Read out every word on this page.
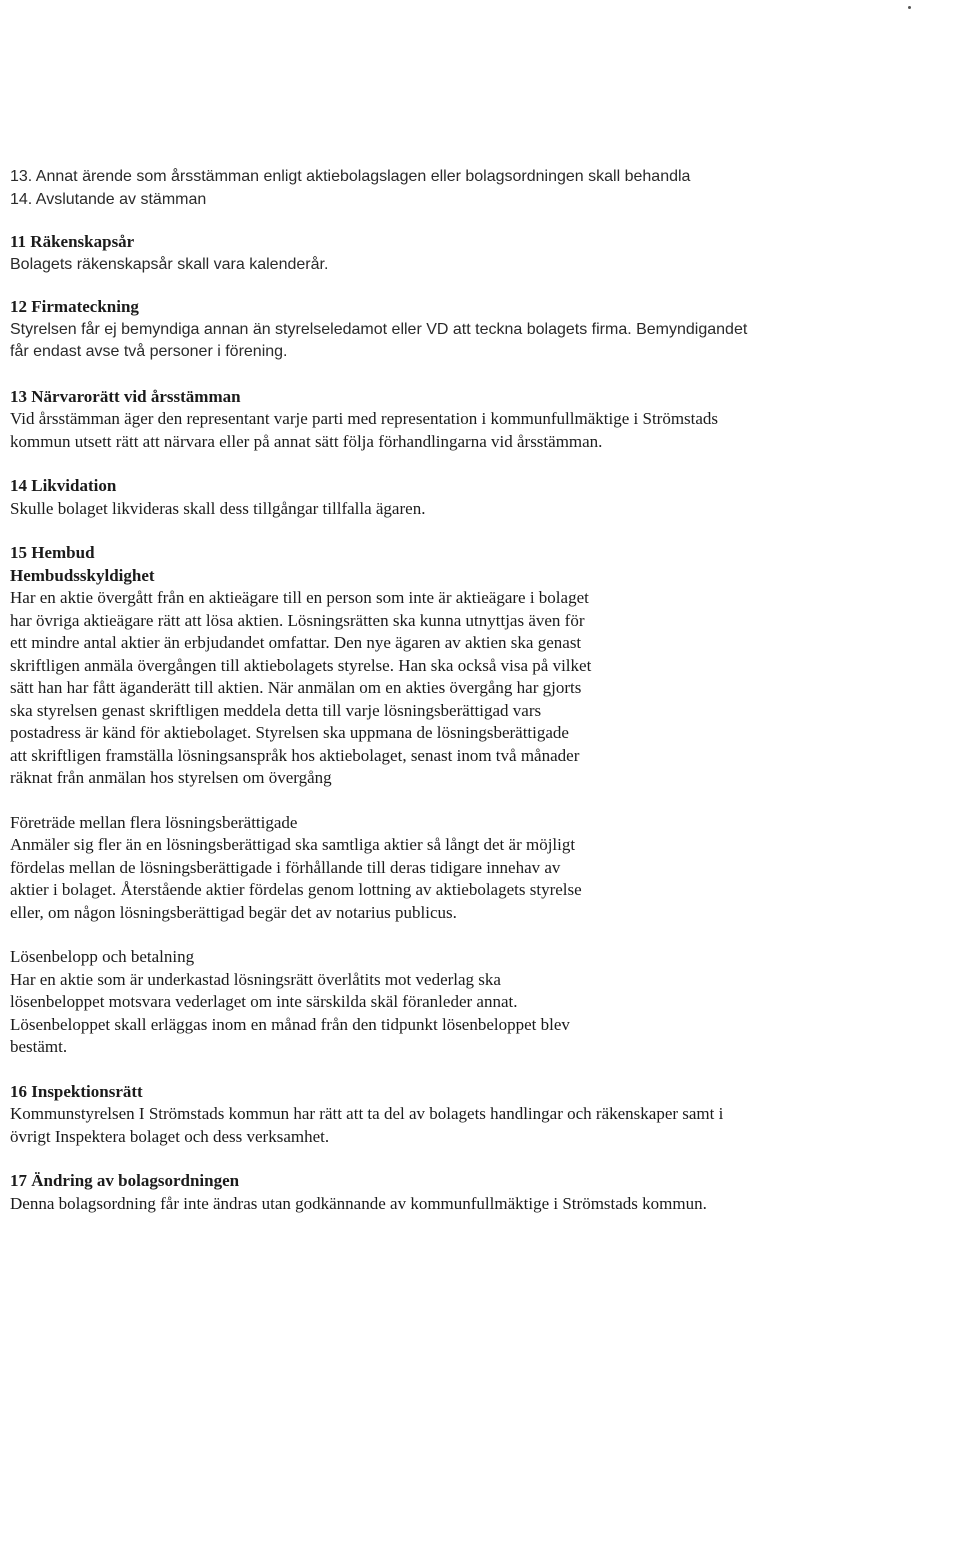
13. Annat ärende som årsstämman enligt aktiebolagslagen eller bolagsordningen skall behandla
14. Avslutande av stämman
11 Räkenskapsår
Bolagets räkenskapsår skall vara kalenderår.
12 Firmateckning
Styrelsen får ej bemyndiga annan än styrelseledamot eller VD att teckna bolagets firma. Bemyndigandet
får endast avse två personer i förening.
13 Närvarorätt vid årsstämman
Vid årsstämman äger den representant varje parti med representation i kommunfullmäktige i Strömstads
kommun utsett rätt att närvara eller på annat sätt följa förhandlingarna vid årsstämman.
14 Likvidation
Skulle bolaget likvideras skall dess tillgångar tillfalla ägaren.
15 Hembud
Hembudsskyldighet
Har en aktie övergått från en aktieägare till en person som inte är aktieägare i bolaget
har övriga aktieägare rätt att lösa aktien. Lösningsrätten ska kunna utnyttjas även för
ett mindre antal aktier än erbjudandet omfattar. Den nye ägaren av aktien ska genast
skriftligen anmäla övergången till aktiebolagets styrelse. Han ska också visa på vilket
sätt han har fått äganderätt till aktien. När anmälan om en akties övergång har gjorts
ska styrelsen genast skriftligen meddela detta till varje lösningsberättigad vars
postadress är känd för aktiebolaget. Styrelsen ska uppmana de lösningsberättigade
att skriftligen framställa lösningsanspråk hos aktiebolaget, senast inom två månader
räknat från anmälan hos styrelsen om övergång
Företräde mellan flera lösningsberättigade
Anmäler sig fler än en lösningsberättigad ska samtliga aktier så långt det är möjligt
fördelas mellan de lösningsberättigade i förhållande till deras tidigare innehav av
aktier i bolaget. Återstående aktier fördelas genom lottning av aktiebolagets styrelse
eller, om någon lösningsberättigad begär det av notarius publicus.
Lösenbelopp och betalning
Har en aktie som är underkastad lösningsrätt överlåtits mot vederlag ska
lösenbeloppet motsvara vederlaget om inte särskilda skäl föranleder annat.
Lösenbeloppet skall erläggas inom en månad från den tidpunkt lösenbeloppet blev
bestämt.
16 Inspektionsrätt
Kommunstyrelsen I Strömstads kommun har rätt att ta del av bolagets handlingar och räkenskaper samt i
övrigt Inspektera bolaget och dess verksamhet.
17 Ändring av bolagsordningen
Denna bolagsordning får inte ändras utan godkännande av kommunfullmäktige i Strömstads kommun.
